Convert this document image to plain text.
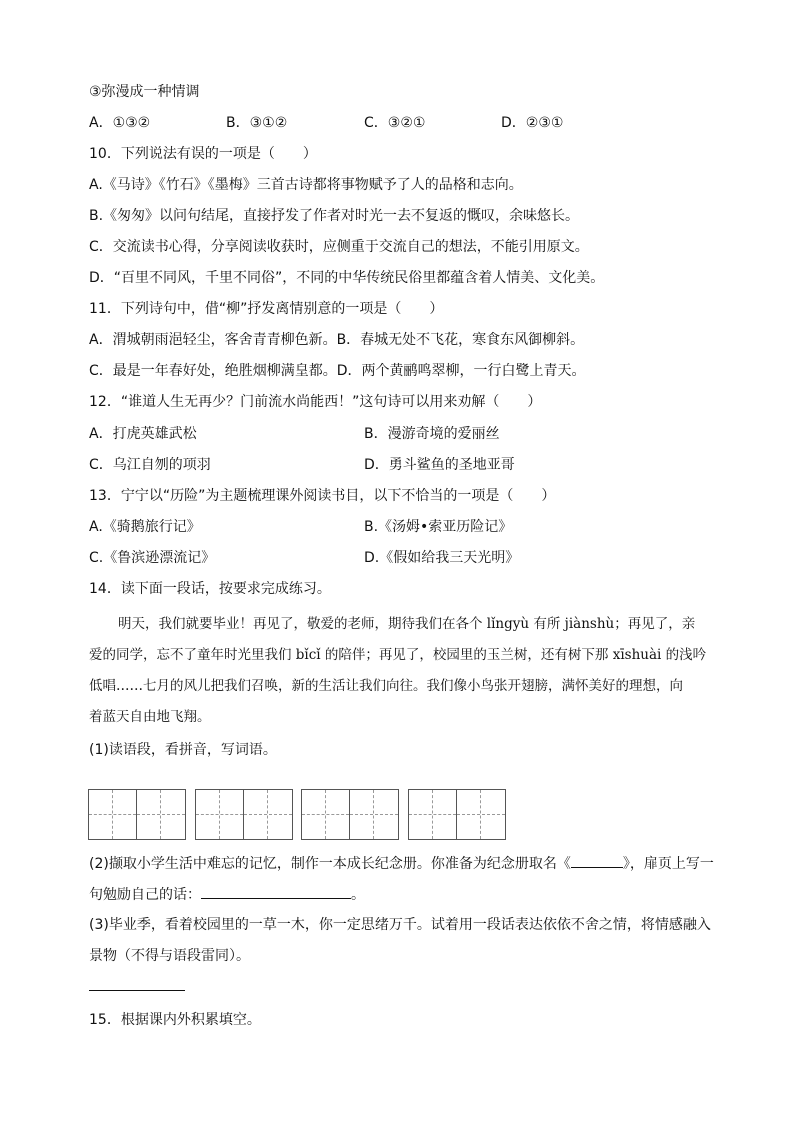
③弥漫成一种情调
A．①③②	B．③①②	C．③②①	D．②③①
10．下列说法有误的一项是（　　）
A.《马诗》《竹石》《墨梅》三首古诗都将事物赋予了人的品格和志向。
B.《匆匆》以问句结尾，直接抒发了作者对时光一去不复返的慨叹，余味悠长。
C．交流读书心得，分享阅读收获时，应侧重于交流自己的想法，不能引用原文。
D．“百里不同风，千里不同俗”，不同的中华传统民俗里都蕴含着人情美、文化美。
11．下列诗句中，借“柳”抒发离情别意的一项是（　　）
A．渭城朝雨浥轻尘，客舍青青柳色新。B．春城无处不飞花，寒食东风御柳斜。
C．最是一年春好处，绝胜烟柳满皇都。D．两个黄鹂鸣翠柳，一行白鹭上青天。
12．“谁道人生无再少？门前流水尚能西！”这句诗可以用来劝解（　　）
A．打虎英雄武松	B．漫游奇境的爱丽丝
C．乌江自刎的项羽	D．勇斗鲨鱼的圣地亚哥
13．宁宁以“历险”为主题梳理课外阅读书目，以下不恰当的一项是（　　）
A.《骑鹅旅行记》	B.《汤姆•索亚历险记》
C.《鲁滨逊漂流记》	D.《假如给我三天光明》
14．读下面一段话，按要求完成练习。
明天，我们就要毕业！再见了，敬爱的老师，期待我们在各个 lǐngyù 有所 jiànshù；再见了，亲
爱的同学，忘不了童年时光里我们 bǐcǐ 的陪伴；再见了，校园里的玉兰树，还有树下那 xīshuài 的浅吟
低唱……七月的风儿把我们召唤，新的生活让我们向往。我们像小鸟张开翅膀，满怀美好的理想，向
着蓝天自由地飞翔。
(1)读语段，看拼音，写词语。
(2)撷取小学生活中难忘的记忆，制作一本成长纪念册。你准备为纪念册取名《	》，扉页上写一
句勉励自己的话：	。
(3)毕业季，看着校园里的一草一木，你一定思绪万千。试着用一段话表达依依不舍之情，将情感融入
景物（不得与语段雷同）。
15．根据课内外积累填空。
